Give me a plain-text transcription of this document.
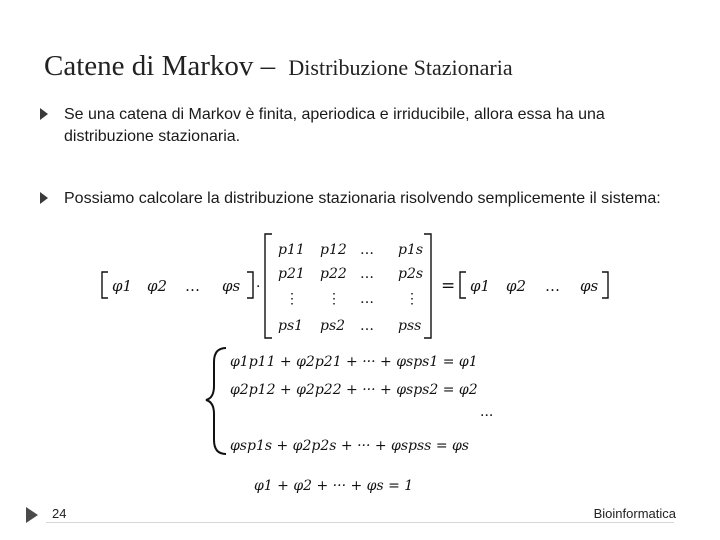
Catene di Markov – Distribuzione Stazionaria
Se una catena di Markov è finita, aperiodica e irriducibile, allora essa ha una distribuzione stazionaria.
Possiamo calcolare la distribuzione stazionaria risolvendo semplicemente il sistema:
φ1 φ2 … φs ·
p11 p12 … p1s
p21 p22 … p2s
⋮ ⋮ … ⋮
ps1 ps2 … pss
= φ1 φ2 … φs
φ1p11 + φ2p21 + ··· + φsps1 = φ1
φ2p12 + φ2p22 + ··· + φsps2 = φ2
···
φsp1s + φ2p2s + ··· + φspss = φs
φ1 + φ2 + ··· + φs = 1
24	Bioinformatica
